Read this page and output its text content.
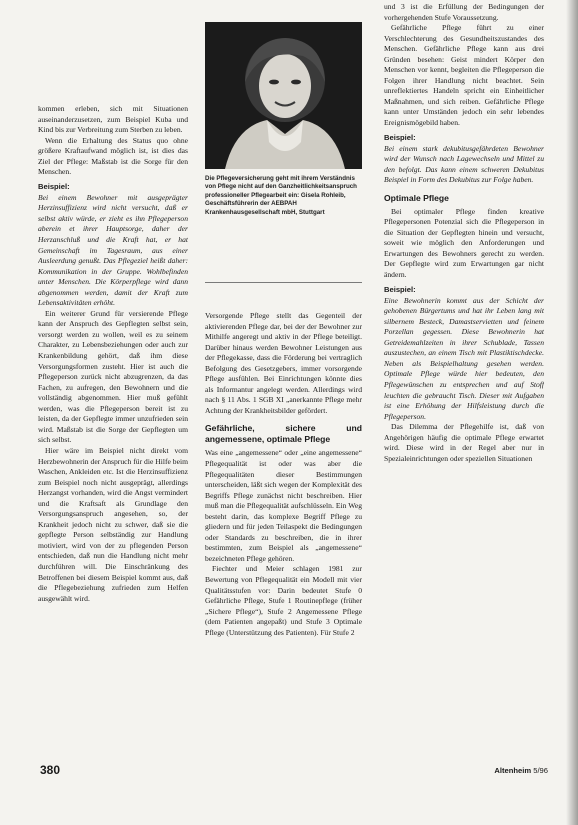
kommen erleben, sich mit Situationen auseinanderzusetzen, zum Beispiel Kuba und Kind bis zur Verbreitung zum Sterben zu leben.

Wenn die Erhaltung des Status quo ohne größere Kraftaufwand möglich ist, ist dies das Ziel der Pflege: Maßstab ist die Sorge für den Menschen.

Beispiel:

Bei einem Bewohner mit ausgeprägter Herzinsuffizienz wird nicht versucht, daß er selbst aktiv würde, er zieht es ihn Pflegeperson aberein et ihrer Hauptsorge, daher der Herzanschluß und die Kraft hat, er hat Gemeinschaft im Tagesraum, aus einer Ausleerdung genußt. Das Pflegeziel heißt daher: Kommunikation in der Gruppe. Wohlbefinden unter Menschen. Die Körperpflege wird dann abgenommen werden, damit der Kraft zum Lebensaktivitäten erhöht.

Ein weiterer Grund für versierende Pflege kann der Anspruch des Gepflegten selbst sein, versorgt werden zu wollen, weil es zu seinem Charakter, zu Lebensbeziehungen oder auch zur Krankenbildung gehört, daß ihm diese Versorgungsformen zusteht. Hier ist auch die Pflegeperson zurück nicht abzugrenzen, da das Fachen, zu aufregen, den Bewohnern und die vollständig abgenommen. Hier muß gefühlt werden, was die Pflegeperson bereit ist zu leisten, da der Gepflegte immer unzufrieden sein wird. Maßstab ist die Sorge der Gepflegten um sich selbst.

Hier wäre im Beispiel nicht direkt vom Herzbewohnerin der Anspruch für die Hilfe beim Waschen, Ankleiden etc. Ist die Herzinsuffizienz zum Beispiel noch nicht ausgeprägt, allerdings Herzangst vorhanden, wird die Angst vermindert und die Kraftsaft als Grundlage den Versorgungsanspruch angesehen, so, der Krankheit jedoch nicht zu schwer, daß sie die gepflegte Person selbständig zur Handlung motiviert, wird von der zu pflegenden Person entschieden, daß nun die Handlung nicht mehr durchführen will. Die Einschränkung des Betroffenen bei diesem Beispiel kommt aus, daß die Pflegebeziehung zufrieden zum Helfen ausgewählt wird.

Die Pflegeversicherung geht mit ihrem Verständnis von Pflege nicht auf den Ganzheitlichkeitsanspruch professioneller Pflegearbeit ein: Gisela Rohleib, Geschäftsführerin der AEBPAH Krankenhausgesellschaft mbH, Stuttgart

Versorgende Pflege stellt das Gegenteil der aktivierenden Pflege dar, bei der der Bewohner zur Mithilfe angeregt und aktiv in der Pflege beteiligt. Darüber hinaus werden Bewohner Leistungen aus der Pflegekasse, dass die Förderung bei vertraglich Befolgung des Gesetzgebers, immer vorsorgende Pflege ausfühlen. Bei Einrichtungen könnte dies als Informantur angelegt werden. Allerdings wird nach § 11 Abs. 1 SGB XI „anerkannte Pflege mehr Achtung der Krankheitsbilder gefördert.

Gefährliche, sichere und angemessene, optimale Pflege

Was eine „angemessene“ oder „eine angemessene“ Pflegequalität ist oder was aber die Pflegequalitäten dieser Bestimmungen unterscheiden, läßt sich wegen der Komplexität des Begriffs Pflege zunächst nicht beschreiben. Hier muß man die Pflegequalität aufschlüsseln. Ein Weg besteht darin, das komplexe Begriff Pflege zu gliedern und für jeden Teilaspekt die Bedingungen oder Standards zu beschreiben, die in ihrer bestimmten, zum Beispiel als „angemessene“ bezeichneten Pflege gehören.

Fiechter und Meier schlagen 1981 zur Bewertung von Pflegequalität ein Modell mit vier Qualitätsstufen vor: Darin bedeutet Stufe 0 Gefährliche Pflege, Stufe 1 Routinepflege (früher „Sichere Pflege“), Stufe 2 Angemessene Pflege (dem Patienten angepaßt) und Stufe 3 Optimale Pflege (Unterstützung des Patienten). Für Stufe 2

und 3 ist die Erfüllung der Bedingungen der vorhergehenden Stufe Voraussetzung.

Gefährliche Pflege führt zu einer Verschlechterung des Gesundheitszustandes des Menschen. Gefährliche Pflege kann aus drei Gründen besehen: Geist mindert Körper den Menschen vor kennt, begleiten die Pflegeperson die Folgen ihrer Handlung nicht beachtet. Sein unreflektiertes Handeln spricht ein Einheitlicher Maßnahmen, und sich reiben. Gefährliche Pflege kann unter Umständen jedoch ein sehr lebendes Ereignismögebild haben.

Beispiel:

Bei einem stark dekubitusgefährdeten Bewohner wird der Wunsch nach Lagewechseln und Mittel zu den befolgt. Das kann einem schweren Dekubitus Beispiel in Form des Dekubitus zur Folge haben.

Optimale Pflege

Bei optimaler Pflege finden kreative Pflegepersonen Potenzial sich die Pflegeperson in die Situation der Gepflegten hinein und versucht, soweit wie möglich den Anforderungen und Erwartungen des Bewohners gerecht zu werden. Der Gepflegte wird zum Erwartungen gar nicht ändern.

Beispiel:

Eine Bewohnerin kommt aus der Schicht der gehobenen Bürgertums und hat ihr Leben lang mit silbernem Besteck, Damastservietten und feinem Porzellan gegessen. Diese Bewohnerin hat Getreidemahlzeiten in ihrer Schublade, Tassen auszustechen, an einem Tisch mit Plastiktischdecke. Neben als Beispielhaltung gesehen werden. Optimale Pflege würde hier bedeuten, den Pflegewünschen zu entsprechen und auf Stoff leuchten die gebraucht Tisch. Dieser mit Aufgaben ist eine Erhöhung der Hilfsleistung durch die Pflegeperson.

Das Dilemma der Pflegehilfe ist, daß von Angehörigen häufig die optimale Pflege erwartet wird. Diese wird in der Regel aber nur in Spezialeinrichtungen oder speziellen Situationen

380	Altenheim 5/96
